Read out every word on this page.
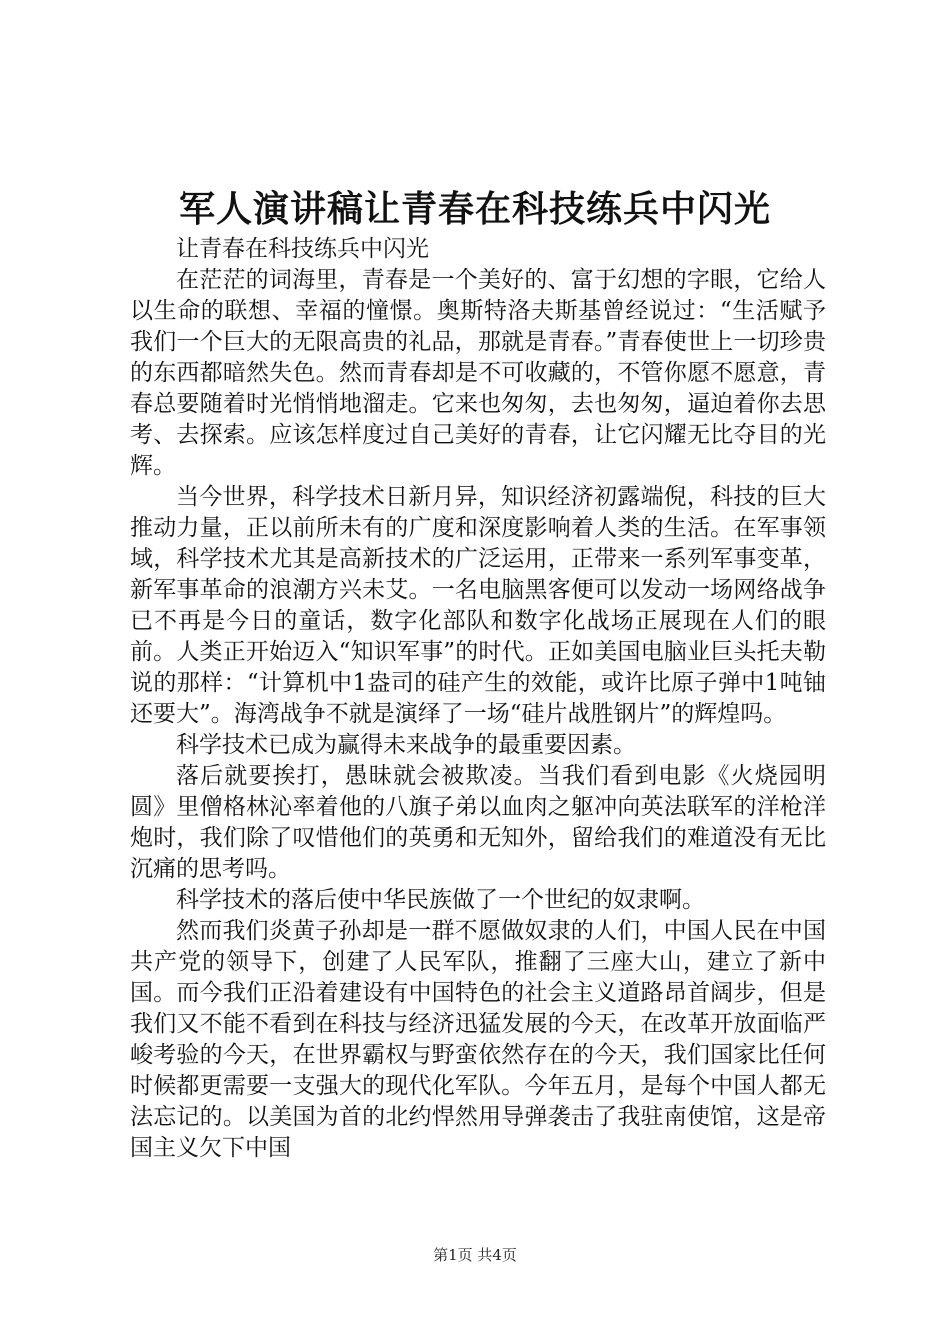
军人演讲稿让青春在科技练兵中闪光

让青春在科技练兵中闪光

在茫茫的词海里，青春是一个美好的、富于幻想的字眼，它给人以生命的联想、幸福的憧憬。奥斯特洛夫斯基曾经说过：“生活赋予我们一个巨大的无限高贵的礼品，那就是青春。”青春使世上一切珍贵的东西都暗然失色。然而青春却是不可收藏的，不管你愿不愿意，青春总要随着时光悄悄地溜走。它来也匆匆，去也匆匆，逼迫着你去思考、去探索。应该怎样度过自己美好的青春，让它闪耀无比夺目的光辉。

当今世界，科学技术日新月异，知识经济初露端倪，科技的巨大推动力量，正以前所未有的广度和深度影响着人类的生活。在军事领域，科学技术尤其是高新技术的广泛运用，正带来一系列军事变革，新军事革命的浪潮方兴未艾。一名电脑黑客便可以发动一场网络战争已不再是今日的童话，数字化部队和数字化战场正展现在人们的眼前。人类正开始迈入“知识军事”的时代。正如美国电脑业巨头托夫勒说的那样：“计算机中1盎司的硅产生的效能，或许比原子弹中1吨铀还要大”。海湾战争不就是演绎了一场“硅片战胜钢片”的辉煌吗。

科学技术已成为赢得未来战争的最重要因素。

落后就要挨打，愚昧就会被欺凌。当我们看到电影《火烧园明圆》里僧格林沁率着他的八旗子弟以血肉之躯冲向英法联军的洋枪洋炮时，我们除了叹惜他们的英勇和无知外，留给我们的难道没有无比沉痛的思考吗。

科学技术的落后使中华民族做了一个世纪的奴隶啊。

然而我们炎黄子孙却是一群不愿做奴隶的人们，中国人民在中国共产党的领导下，创建了人民军队，推翻了三座大山，建立了新中国。而今我们正沿着建设有中国特色的社会主义道路昂首阔步，但是我们又不能不看到在科技与经济迅猛发展的今天，在改革开放面临严峻考验的今天，在世界霸权与野蛮依然存在的今天，我们国家比任何时候都更需要一支强大的现代化军队。今年五月，是每个中国人都无法忘记的。以美国为首的北约悍然用导弹袭击了我驻南使馆，这是帝国主义欠下中国

第1页 共4页
